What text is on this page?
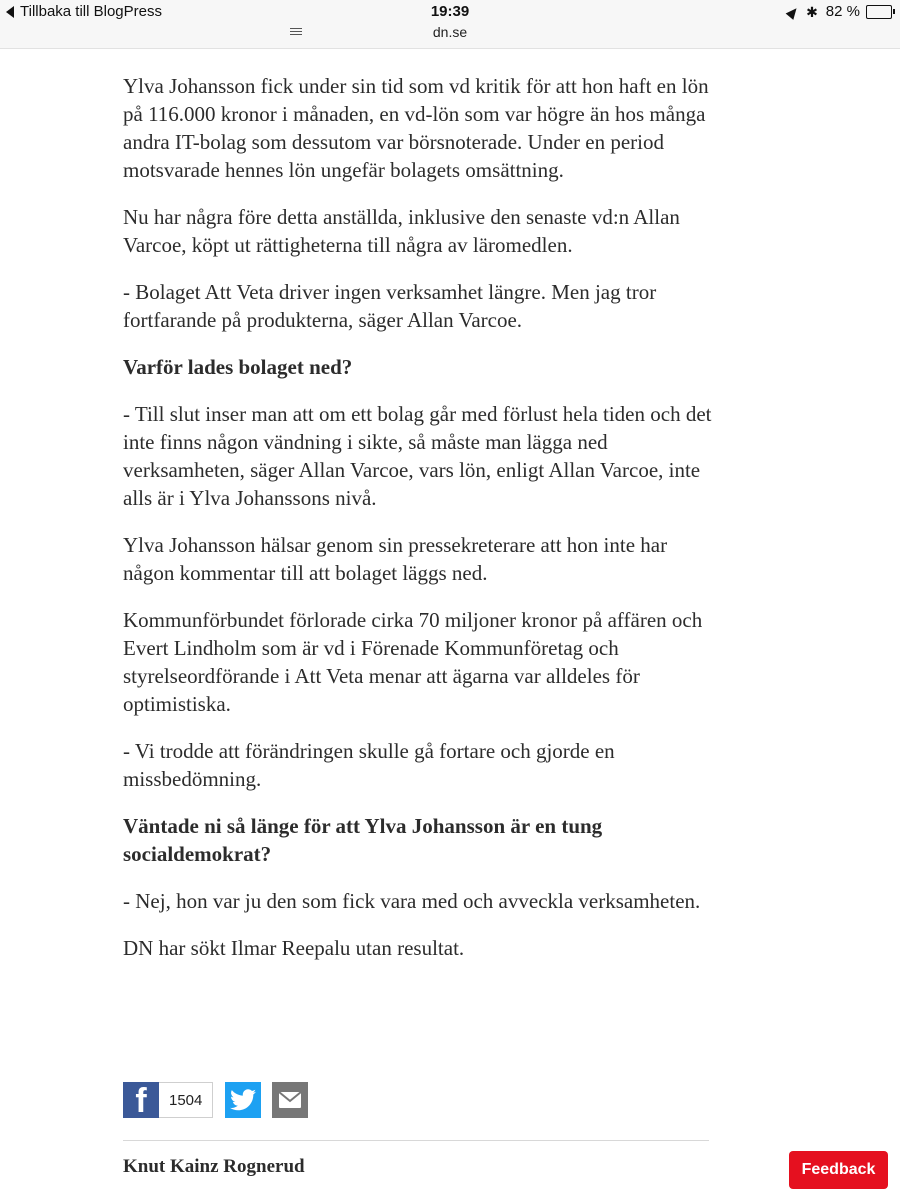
Tillbaka till BlogPress	19:39
dn.se
✱ 82 %

Ylva Johansson fick under sin tid som vd kritik för att hon haft en lön på 116.000 kronor i månaden, en vd-lön som var högre än hos många andra IT-bolag som dessutom var börsnoterade. Under en period motsvarade hennes lön ungefär bolagets omsättning.

Nu har några före detta anställda, inklusive den senaste vd:n Allan Varcoe, köpt ut rättigheterna till några av läromedlen.

- Bolaget Att Veta driver ingen verksamhet längre. Men jag tror fortfarande på produkterna, säger Allan Varcoe.

Varför lades bolaget ned?

- Till slut inser man att om ett bolag går med förlust hela tiden och det inte finns någon vändning i sikte, så måste man lägga ned verksamheten, säger Allan Varcoe, vars lön, enligt Allan Varcoe, inte alls är i Ylva Johanssons nivå.

Ylva Johansson hälsar genom sin pressekreterare att hon inte har någon kommentar till att bolaget läggs ned.

Kommunförbundet förlorade cirka 70 miljoner kronor på affären och Evert Lindholm som är vd i Förenade Kommunföretag och styrelseordförande i Att Veta menar att ägarna var alldeles för optimistiska.

- Vi trodde att förändringen skulle gå fortare och gjorde en missbedömning.

Väntade ni så länge för att Ylva Johansson är en tung socialdemokrat?

- Nej, hon var ju den som fick vara med och avveckla verksamheten.

DN har sökt Ilmar Reepalu utan resultat.

f	1504
Knut Kainz Rognerud	Feedback
